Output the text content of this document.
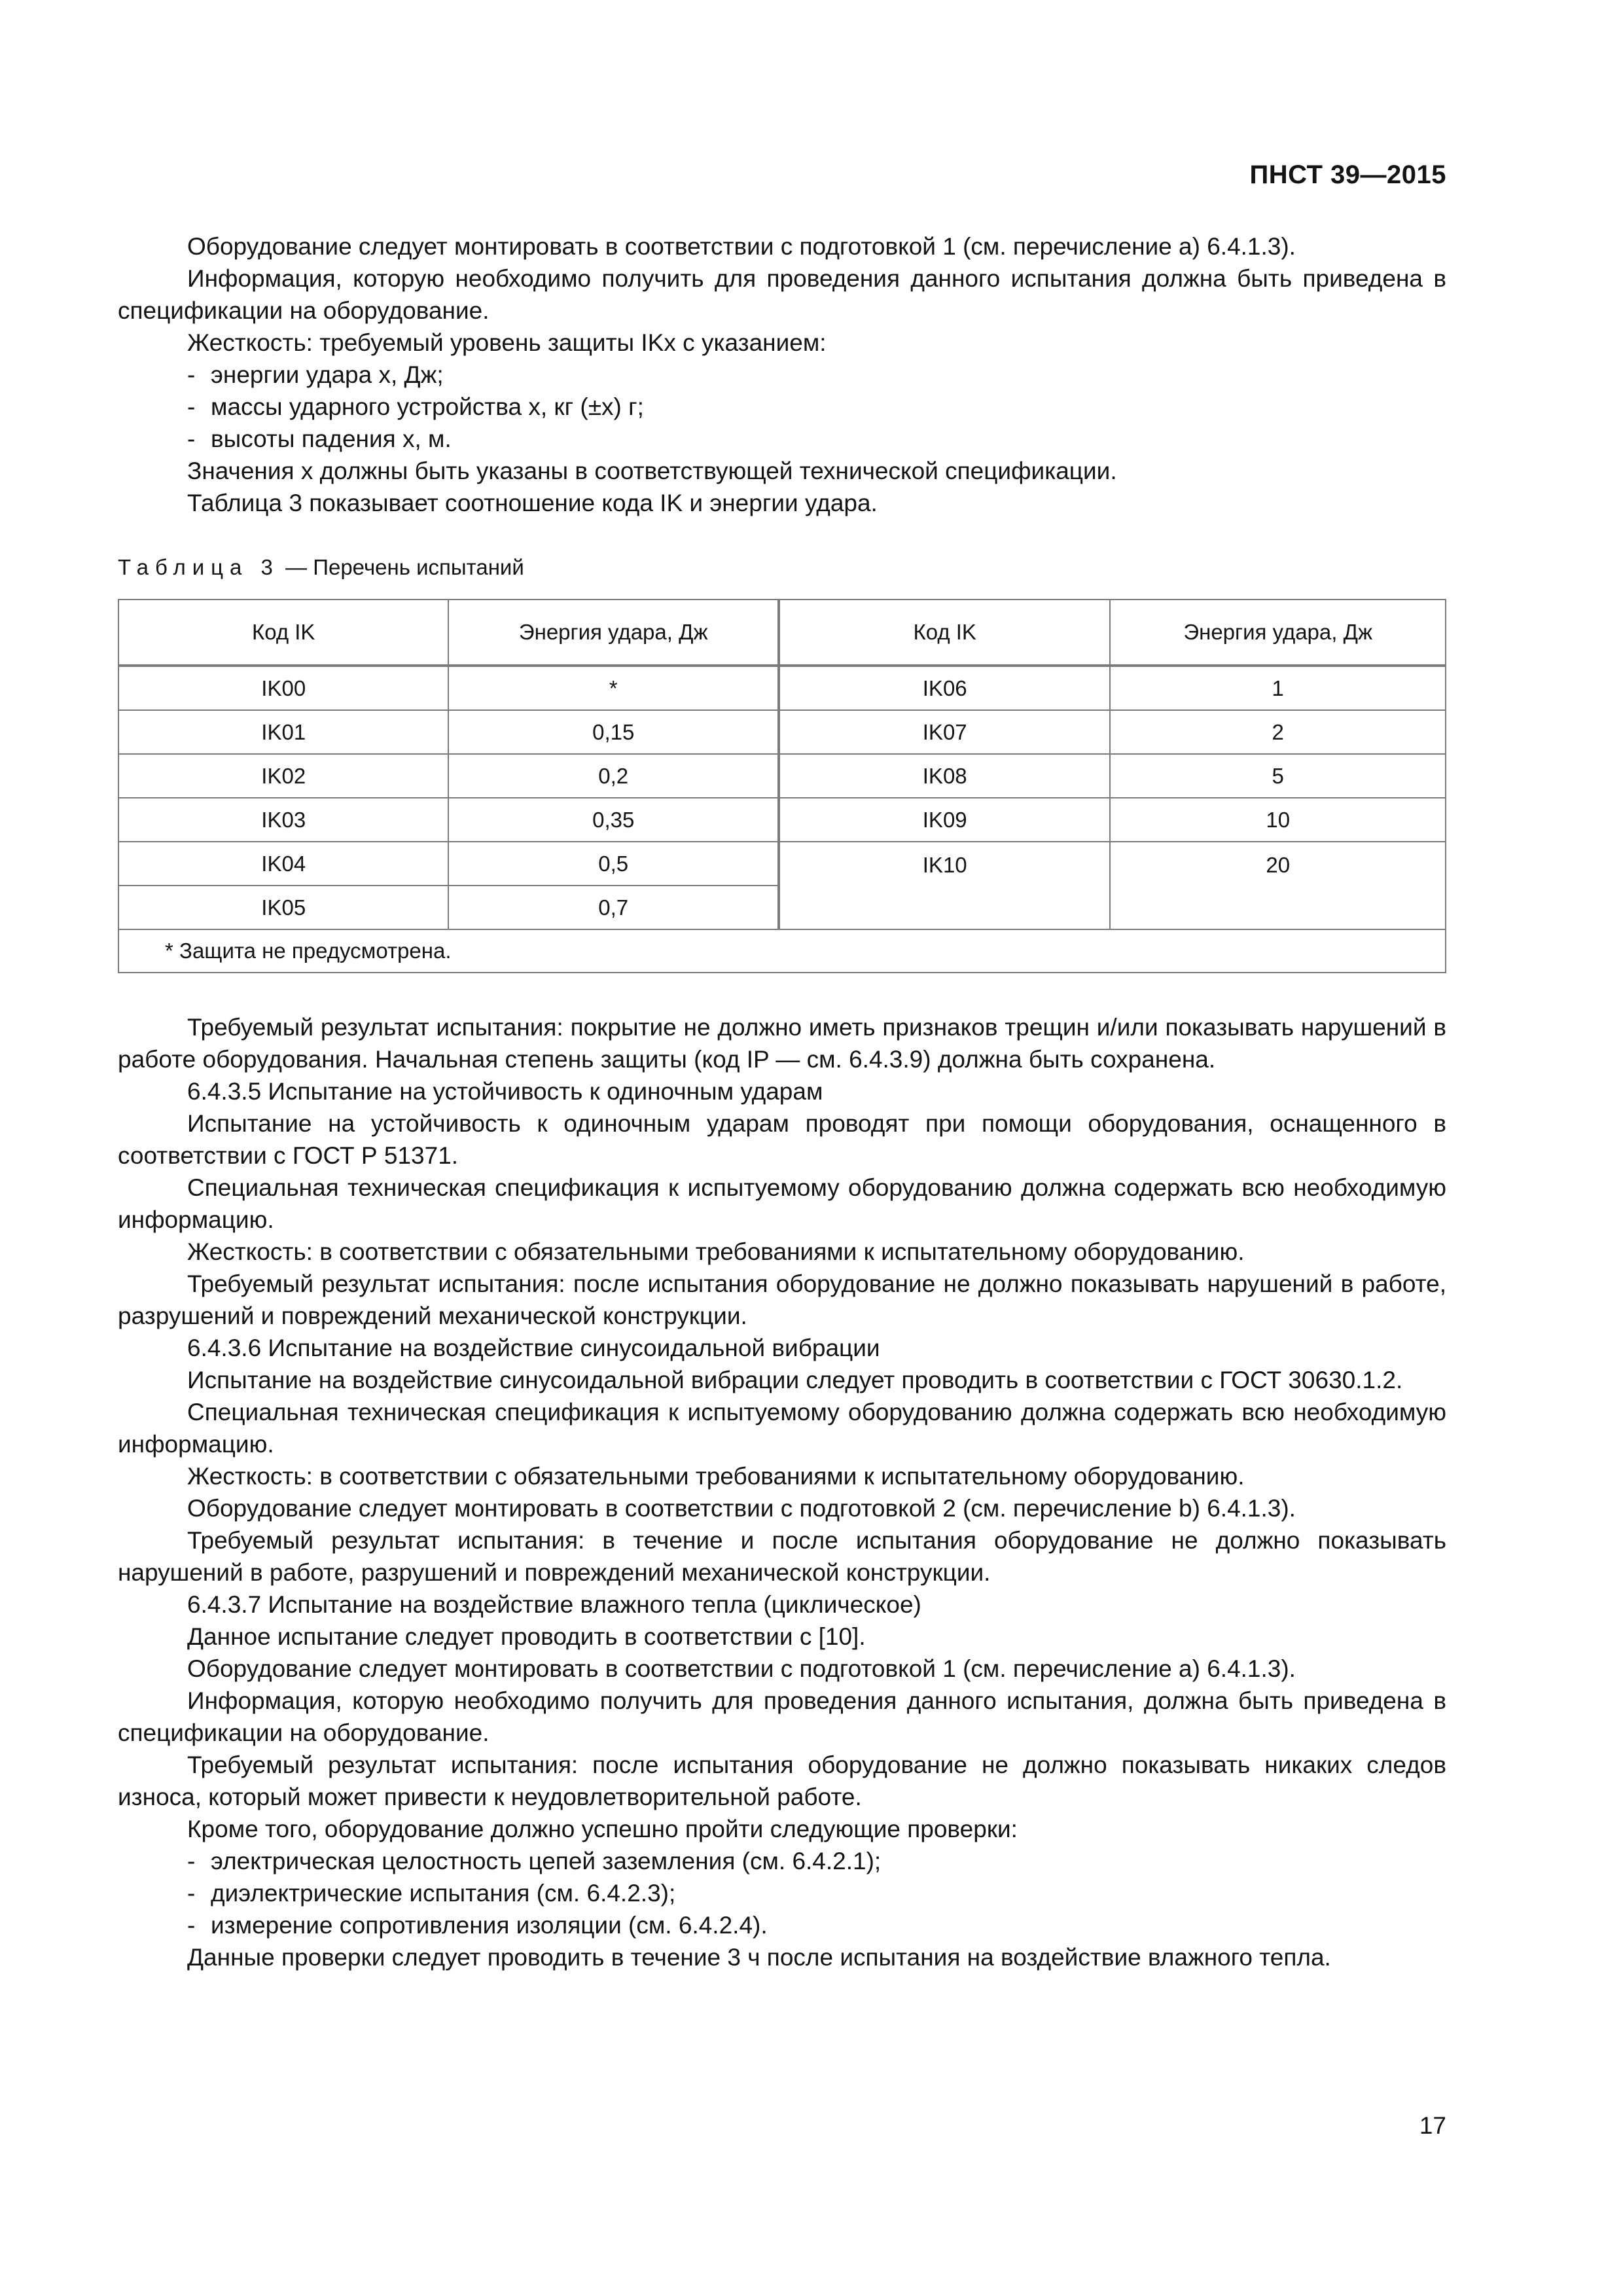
ПНСТ 39—2015

Оборудование следует монтировать в соответствии с подготовкой 1 (см. перечисление а) 6.4.1.3).

Информация, которую необходимо получить для проведения данного испытания должна быть приведена в спецификации на оборудование.

Жесткость: требуемый уровень защиты IKx с указанием:

- энергии удара x, Дж;

- массы ударного устройства x, кг (±x) г;

- высоты падения x, м.

Значения x должны быть указаны в соответствующей технической спецификации.

Таблица 3 показывает соотношение кода IK и энергии удара.

Таблица 3 — Перечень испытаний
Код IK	Энергия удара, Дж	Код IK	Энергия удара, Дж
IK00	*	IK06	1
IK01	0,15	IK07	2
IK02	0,2	IK08	5
IK03	0,35	IK09	10
IK04	0,5	IK10	20
IK05	0,7		
* Защита не предусмотрена.			

Требуемый результат испытания: покрытие не должно иметь признаков трещин и/или показывать нарушений в работе оборудования. Начальная степень защиты (код IP — см. 6.4.3.9) должна быть сохранена.

6.4.3.5 Испытание на устойчивость к одиночным ударам

Испытание на устойчивость к одиночным ударам проводят при помощи оборудования, оснащенного в соответствии с ГОСТ Р 51371.

Специальная техническая спецификация к испытуемому оборудованию должна содержать всю необходимую информацию.

Жесткость: в соответствии с обязательными требованиями к испытательному оборудованию.

Требуемый результат испытания: после испытания оборудование не должно показывать нарушений в работе, разрушений и повреждений механической конструкции.

6.4.3.6 Испытание на воздействие синусоидальной вибрации

Испытание на воздействие синусоидальной вибрации следует проводить в соответствии с ГОСТ 30630.1.2.

Специальная техническая спецификация к испытуемому оборудованию должна содержать всю необходимую информацию.

Жесткость: в соответствии с обязательными требованиями к испытательному оборудованию.

Оборудование следует монтировать в соответствии с подготовкой 2 (см. перечисление b) 6.4.1.3).

Требуемый результат испытания: в течение и после испытания оборудование не должно показывать нарушений в работе, разрушений и повреждений механической конструкции.

6.4.3.7 Испытание на воздействие влажного тепла (циклическое)

Данное испытание следует проводить в соответствии с [10].

Оборудование следует монтировать в соответствии с подготовкой 1 (см. перечисление а) 6.4.1.3).

Информация, которую необходимо получить для проведения данного испытания, должна быть приведена в спецификации на оборудование.

Требуемый результат испытания: после испытания оборудование не должно показывать никаких следов износа, который может привести к неудовлетворительной работе.

Кроме того, оборудование должно успешно пройти следующие проверки:

- электрическая целостность цепей заземления (см. 6.4.2.1);

- диэлектрические испытания (см. 6.4.2.3);

- измерение сопротивления изоляции (см. 6.4.2.4).

Данные проверки следует проводить в течение 3 ч после испытания на воздействие влажного тепла.

17
